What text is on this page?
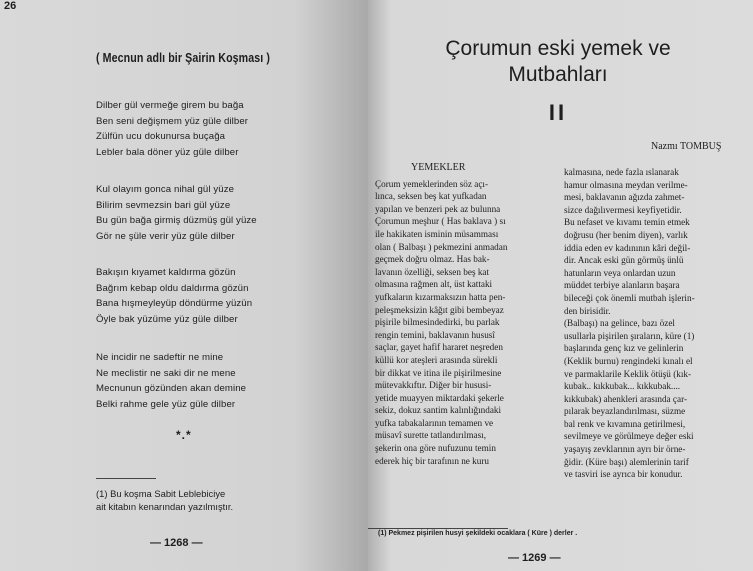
26
( Mecnun adlı bir Şairin Koşması )
Dilber gül vermeğe girem bu bağa
Ben seni değişmem yüz güle dilber
Zülfün ucu dokunursa buçağa
Lebler bala döner yüz güle dilber
Kul olayım gonca nihal gül yüze
Bilirim sevmezsin bari gül yüze
Bu gün bağa girmiş düzmüş gül yüze
Gör ne şüle verir yüz güle dilber
Bakışın kıyamet kaldırma gözün
Bağrım kebap oldu daldırma gözün
Bana hışmeyleyüp döndürme yüzün
Öyle bak yüzüme yüz güle dilber
Ne incidir ne sadeftir ne mine
Ne meclistir ne saki dir ne mene
Mecnunun gözünden akan demine
Belki rahme gele yüz güle dilber
*.*
(1) Bu koşma Sabit Leblebiciye
ait kitabın kenarından yazılmıştır.
— 1268 —
Çorumun eski yemek ve
Mutbahları
II
Nazmı TOMBUŞ
YEMEKLER
Çorum yemeklerinden söz açı-
lınca, seksen beş kat yufkadan
yapılan ve benzeri pek az bulunna
Çorumun meşhur ( Has baklava ) sı
ile hakikaten isminin müsamması
olan ( Balbaşı ) pekmezini anmadan
geçmek doğru olmaz. Has bak-
lavanın özelliği, seksen beş kat
olmasına rağmen alt, üst kattaki
yufkaların kızarmaksızın hatta pen-
peleşmeksizin kâğıt gibi bembeyaz
pişirile bilmesindedirki, bu parlak
rengin temini, baklavanın hususî
saçlar, gayet hafif hararet neşreden
küllü kor ateşleri arasında sürekli
bir dikkat ve itina ile pişirilmesine
mütevakkıftır. Diğer bir hususi-
yetide muayyen miktardaki şekerle
sekiz, dokuz santim kalınlığındaki
yufka tabakalarının temamen ve
müsavî surette tatlandırılması,
şekerin ona göre nufuzunu temin
ederek hiç bir tarafının ne kuru
kalmasına, nede fazla ıslanarak
hamur olmasına meydan verilme-
mesi, baklavanın ağızda zahmet-
sizce dağılıvermesi keyfiyetidir.
Bu nefaset ve kıvamı temin etmek
doğrusu (her benim diyen), varlık
iddia eden ev kadınının kâri değil-
dir. Ancak eski gün görmüş ünlü
hatunların veya onlardan uzun
müddet terbiye alanların başara
bileceği çok önemli mutbah işlerin-
den birisidir.
(Balbaşı) na gelince, bazı özel
usullarla pişirilen şıraların, küre (1)
başlarında genç kız ve gelinlerin
(Keklik burnu) rengindeki kınalı el
ve parmaklarile Keklik ötüşü (kık-
kubak.. kıkkubak... kıkkubak....
kıkkubak) ahenkleri arasında çar-
pılarak beyazlandırılması, süzme
bal renk ve kıvamına getirilmesi,
sevilmeye ve görülmeye değer eski
yaşayış zevklarının ayrı bir örne-
ğidir. (Küre başı) alemlerinin tarif
ve tasviri ise ayrıca bir konudur.
(1) Pekmez pişirilen husyi şekildeki ocaklara ( Küre ) derler .
— 1269 —
